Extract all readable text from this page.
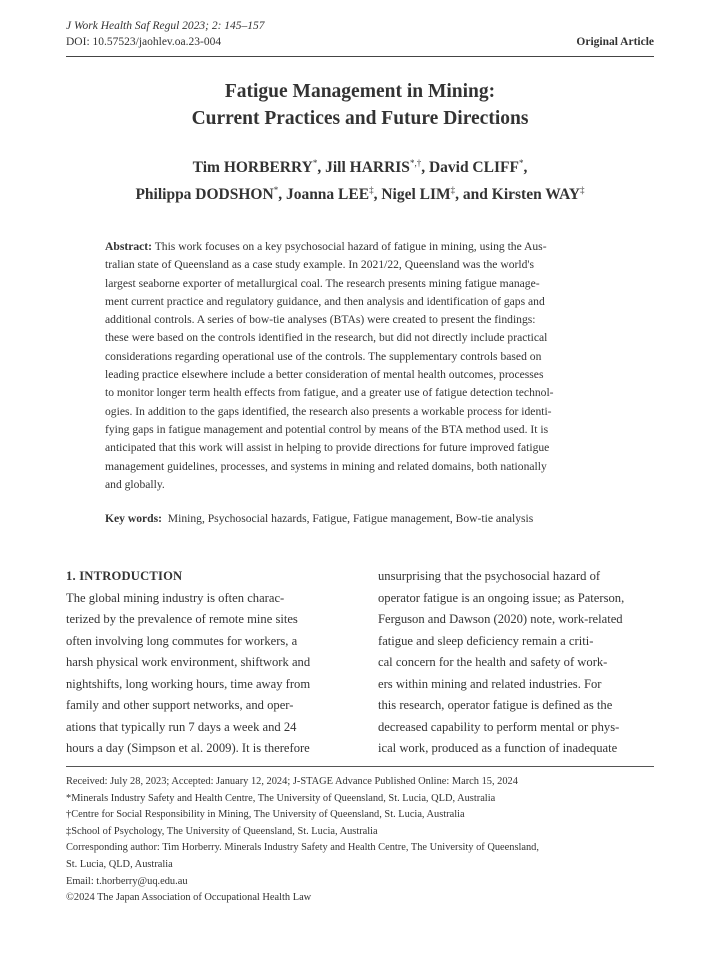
J Work Health Saf Regul 2023; 2: 145–157
DOI: 10.57523/jaohlev.oa.23-004	Original Article
Fatigue Management in Mining:
Current Practices and Future Directions
Tim HORBERRY*, Jill HARRIS*,†, David CLIFF*,
Philippa DODSHON*, Joanna LEE‡, Nigel LIM‡, and Kirsten WAY‡
Abstract: This work focuses on a key psychosocial hazard of fatigue in mining, using the Aus-
tralian state of Queensland as a case study example. In 2021/22, Queensland was the world's
largest seaborne exporter of metallurgical coal. The research presents mining fatigue manage-
ment current practice and regulatory guidance, and then analysis and identification of gaps and
additional controls. A series of bow-tie analyses (BTAs) were created to present the findings:
these were based on the controls identified in the research, but did not directly include practical
considerations regarding operational use of the controls. The supplementary controls based on
leading practice elsewhere include a better consideration of mental health outcomes, processes
to monitor longer term health effects from fatigue, and a greater use of fatigue detection technol-
ogies. In addition to the gaps identified, the research also presents a workable process for identi-
fying gaps in fatigue management and potential control by means of the BTA method used. It is
anticipated that this work will assist in helping to provide directions for future improved fatigue
management guidelines, processes, and systems in mining and related domains, both nationally
and globally.
Key words: Mining, Psychosocial hazards, Fatigue, Fatigue management, Bow-tie analysis
1. INTRODUCTION
The global mining industry is often charac-
terized by the prevalence of remote mine sites
often involving long commutes for workers, a
harsh physical work environment, shiftwork and
nightshifts, long working hours, time away from
family and other support networks, and oper-
ations that typically run 7 days a week and 24
hours a day (Simpson et al. 2009). It is therefore
unsurprising that the psychosocial hazard of
operator fatigue is an ongoing issue; as Paterson,
Ferguson and Dawson (2020) note, work-related
fatigue and sleep deficiency remain a criti-
cal concern for the health and safety of work-
ers within mining and related industries. For
this research, operator fatigue is defined as the
decreased capability to perform mental or phys-
ical work, produced as a function of inadequate
Received: July 28, 2023; Accepted: January 12, 2024; J-STAGE Advance Published Online: March 15, 2024
*Minerals Industry Safety and Health Centre, The University of Queensland, St. Lucia, QLD, Australia
†Centre for Social Responsibility in Mining, The University of Queensland, St. Lucia, Australia
‡School of Psychology, The University of Queensland, St. Lucia, Australia
Corresponding author: Tim Horberry. Minerals Industry Safety and Health Centre, The University of Queensland,
St. Lucia, QLD, Australia
Email: t.horberry@uq.edu.au
©2024 The Japan Association of Occupational Health Law
